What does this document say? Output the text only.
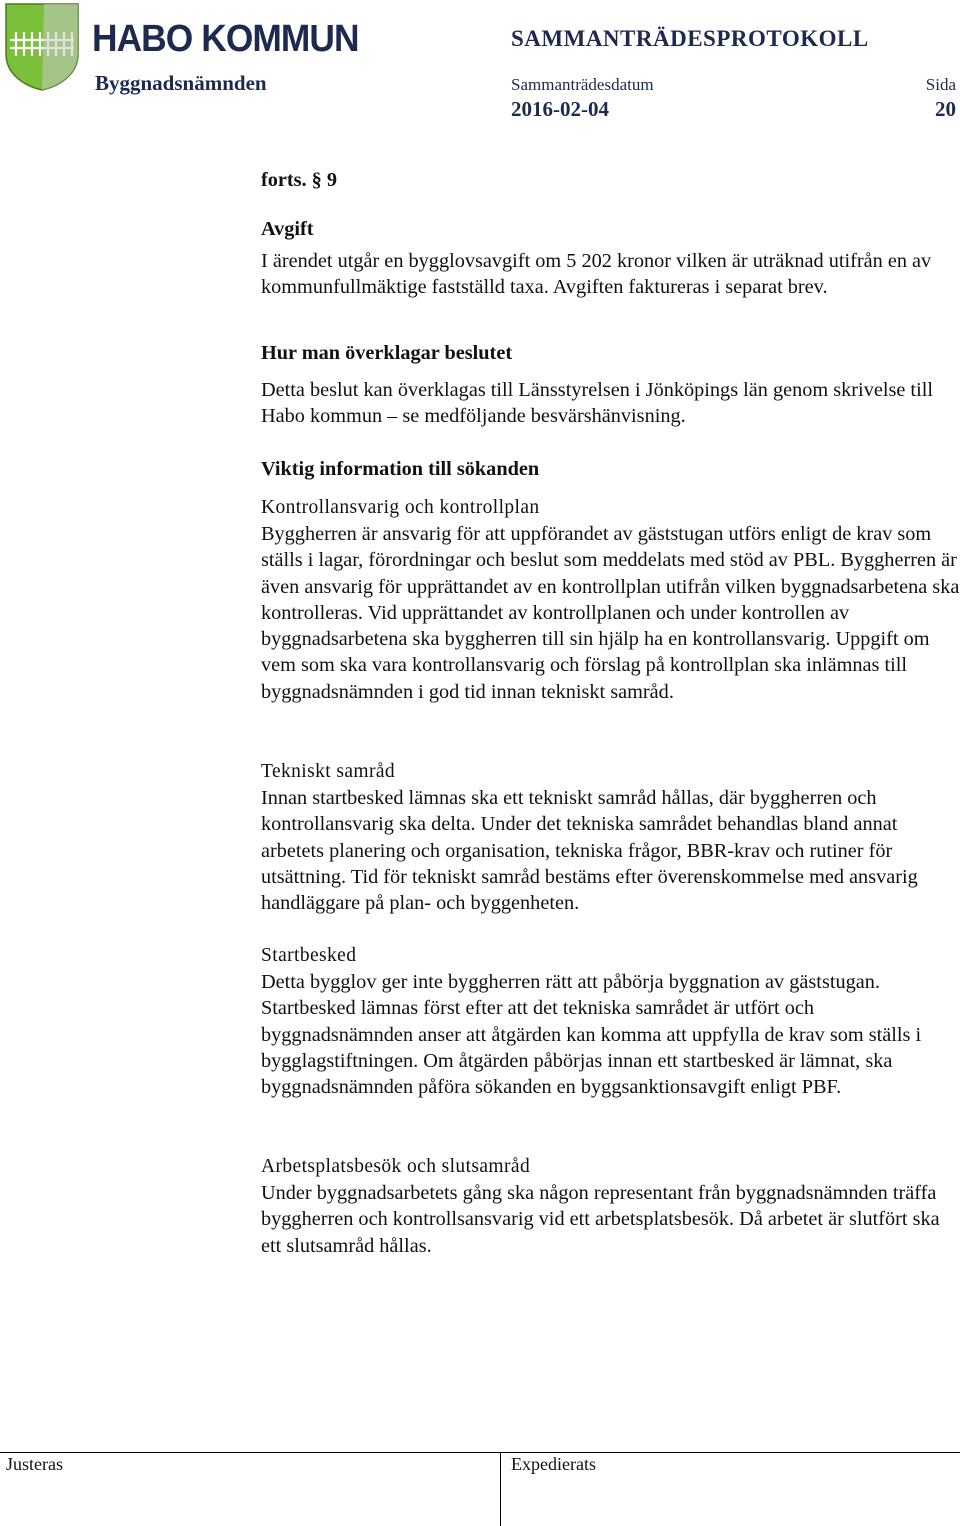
HABO KOMMUN	SAMMANTRÄDESPROTOKOLL
Byggnadsnämnden	Sammanträdesdatum	Sida
2016-02-04	20
forts. § 9
Avgift
I ärendet utgår en bygglovsavgift om 5 202 kronor vilken är uträknad utifrån en av kommunfullmäktige fastställd taxa. Avgiften faktureras i separat brev.
Hur man överklagar beslutet
Detta beslut kan överklagas till Länsstyrelsen i Jönköpings län genom skrivelse till Habo kommun – se medföljande besvärshänvisning.
Viktig information till sökanden
Kontrollansvarig och kontrollplan
Byggherren är ansvarig för att uppförandet av gäststugan utförs enligt de krav som ställs i lagar, förordningar och beslut som meddelats med stöd av PBL. Byggherren är även ansvarig för upprättandet av en kontrollplan utifrån vilken byggnadsarbetena ska kontrolleras. Vid upprättandet av kontrollplanen och under kontrollen av byggnadsarbetena ska byggherren till sin hjälp ha en kontrollansvarig. Uppgift om vem som ska vara kontrollansvarig och förslag på kontrollplan ska inlämnas till byggnadsnämnden i god tid innan tekniskt samråd.
Tekniskt samråd
Innan startbesked lämnas ska ett tekniskt samråd hållas, där byggherren och kontrollansvarig ska delta. Under det tekniska samrådet behandlas bland annat arbetets planering och organisation, tekniska frågor, BBR-krav och rutiner för utsättning. Tid för tekniskt samråd bestäms efter överenskommelse med ansvarig handläggare på plan- och byggenheten.
Startbesked
Detta bygglov ger inte byggherren rätt att påbörja byggnation av gäststugan. Startbesked lämnas först efter att det tekniska samrådet är utfört och byggnadsnämnden anser att åtgärden kan komma att uppfylla de krav som ställs i bygglagstiftningen. Om åtgärden påbörjas innan ett startbesked är lämnat, ska byggnadsnämnden påföra sökanden en byggsanktionsavgift enligt PBF.
Arbetsplatsbesök och slutsamråd
Under byggnadsarbetets gång ska någon representant från byggnadsnämnden träffa byggherren och kontrollsansvarig vid ett arbetsplatsbesök. Då arbetet är slutfört ska ett slutsamråd hållas.
Justeras	Expedierats
